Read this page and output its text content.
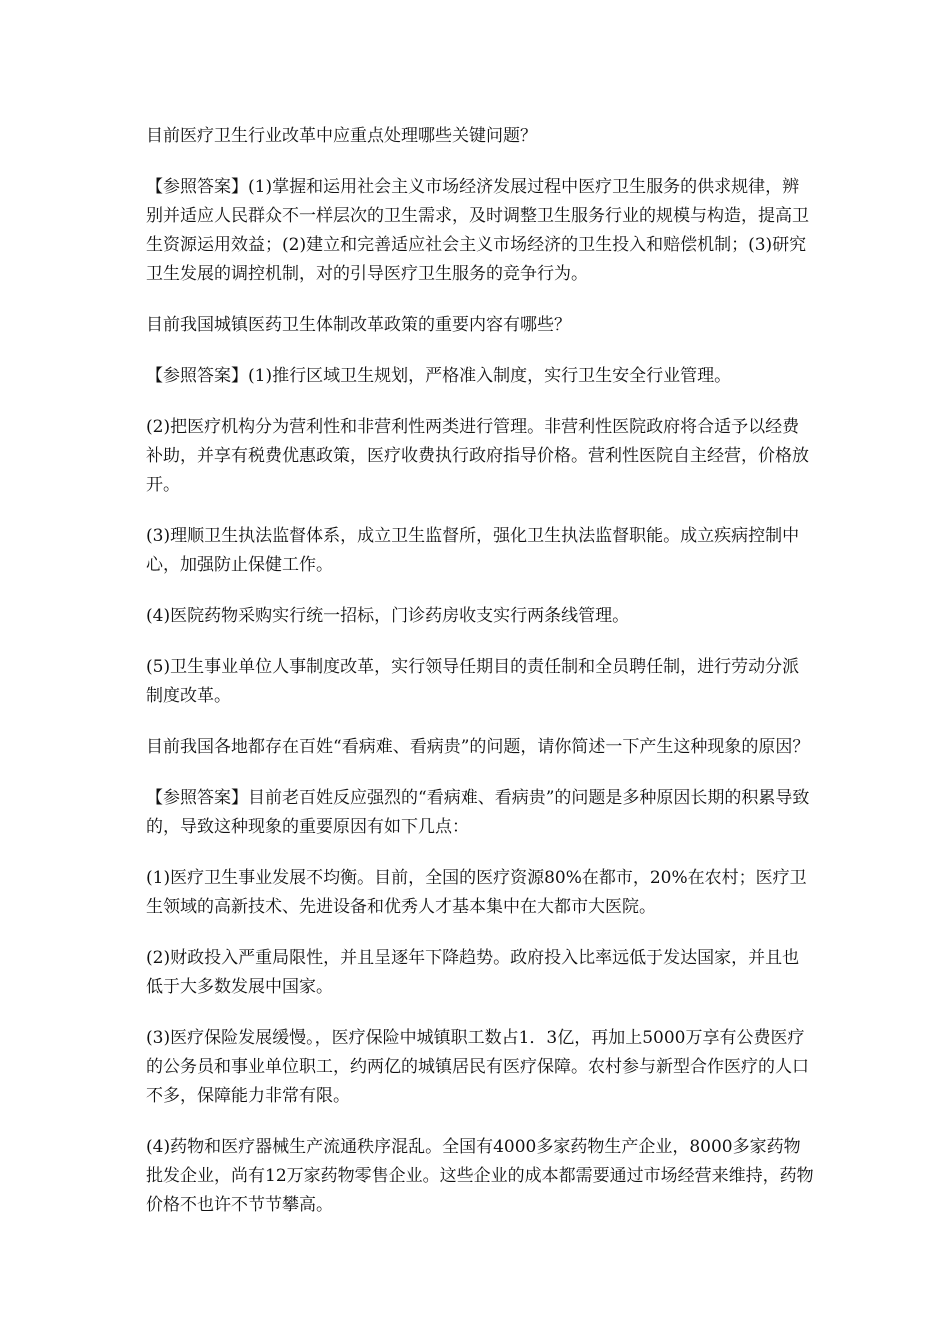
目前医疗卫生行业改革中应重点处理哪些关键问题？

【参照答案】(1)掌握和运用社会主义市场经济发展过程中医疗卫生服务的供求规律，辨别并适应人民群众不一样层次的卫生需求，及时调整卫生服务行业的规模与构造，提高卫生资源运用效益；(2)建立和完善适应社会主义市场经济的卫生投入和赔偿机制；(3)研究卫生发展的调控机制，对的引导医疗卫生服务的竞争行为。

目前我国城镇医药卫生体制改革政策的重要内容有哪些？

【参照答案】(1)推行区域卫生规划，严格准入制度，实行卫生安全行业管理。

(2)把医疗机构分为营利性和非营利性两类进行管理。非营利性医院政府将合适予以经费补助，并享有税费优惠政策，医疗收费执行政府指导价格。营利性医院自主经营，价格放开。

(3)理顺卫生执法监督体系，成立卫生监督所，强化卫生执法监督职能。成立疾病控制中心，加强防止保健工作。

(4)医院药物采购实行统一招标，门诊药房收支实行两条线管理。

(5)卫生事业单位人事制度改革，实行领导任期目的责任制和全员聘任制，进行劳动分派制度改革。

目前我国各地都存在百姓“看病难、看病贵”的问题，请你简述一下产生这种现象的原因？

【参照答案】目前老百姓反应强烈的“看病难、看病贵”的问题是多种原因长期的积累导致的，导致这种现象的重要原因有如下几点：

(1)医疗卫生事业发展不均衡。目前，全国的医疗资源80%在都市，20%在农村；医疗卫生领域的高新技术、先进设备和优秀人才基本集中在大都市大医院。

(2)财政投入严重局限性，并且呈逐年下降趋势。政府投入比率远低于发达国家，并且也低于大多数发展中国家。

(3)医疗保险发展缓慢。，医疗保险中城镇职工数占1．3亿，再加上5000万享有公费医疗的公务员和事业单位职工，约两亿的城镇居民有医疗保障。农村参与新型合作医疗的人口不多，保障能力非常有限。

(4)药物和医疗器械生产流通秩序混乱。全国有4000多家药物生产企业，8000多家药物批发企业，尚有12万家药物零售企业。这些企业的成本都需要通过市场经营来维持，药物价格不也许不节节攀高。
